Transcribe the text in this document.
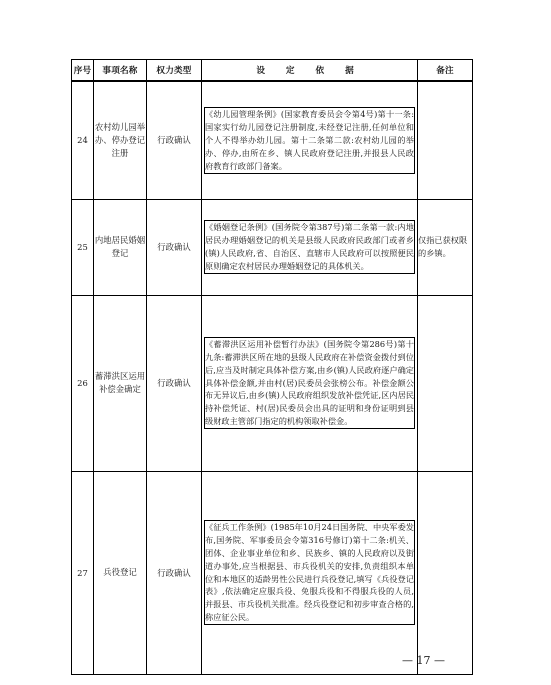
序号	事项名称	权力类型	设 定 依 据	备注
24	农村幼儿园举办、停办登记注册	行政确认	《幼儿园管理条例》(国家教育委员会令第4号)第十一条:国家实行幼儿园登记注册制度,未经登记注册,任何单位和个人不得举办幼儿园。第十二条第二款:农村幼儿园的举办、停办,由所在乡、镇人民政府登记注册,并报县人民政府教育行政部门备案。	

25	内地居民婚姻登记	行政确认	《婚姻登记条例》(国务院令第387号)第二条第一款:内地居民办理婚姻登记的机关是县级人民政府民政部门或者乡(镇)人民政府,省、自治区、直辖市人民政府可以按照便民原则确定农村居民办理婚姻登记的具体机关。	仅指已获权限的乡镇。
26	蓄滞洪区运用补偿金确定	行政确认	《蓄滞洪区运用补偿暂行办法》(国务院令第286号)第十九条:蓄滞洪区所在地的县级人民政府在补偿资金拨付到位后,应当及时制定具体补偿方案,由乡(镇)人民政府逐户确定具体补偿金额,并由村(居)民委员会张榜公布。补偿金额公布无异议后,由乡(镇)人民政府组织发放补偿凭证,区内居民持补偿凭证、村(居)民委员会出具的证明和身份证明到县级财政主管部门指定的机构领取补偿金。	

27	兵役登记	行政确认	《征兵工作条例》(1985年10月24日国务院、中央军委发布,国务院、军事委员会令第316号修订)第十二条:机关、团体、企业事业单位和乡、民族乡、镇的人民政府以及街道办事处,应当根据县、市兵役机关的安排,负责组织本单位和本地区的适龄男性公民进行兵役登记,填写《兵役登记表》,依法确定应服兵役、免服兵役和不得服兵役的人员,并报县、市兵役机关批准。经兵役登记和初步审查合格的,称应征公民。	

— 17 —
